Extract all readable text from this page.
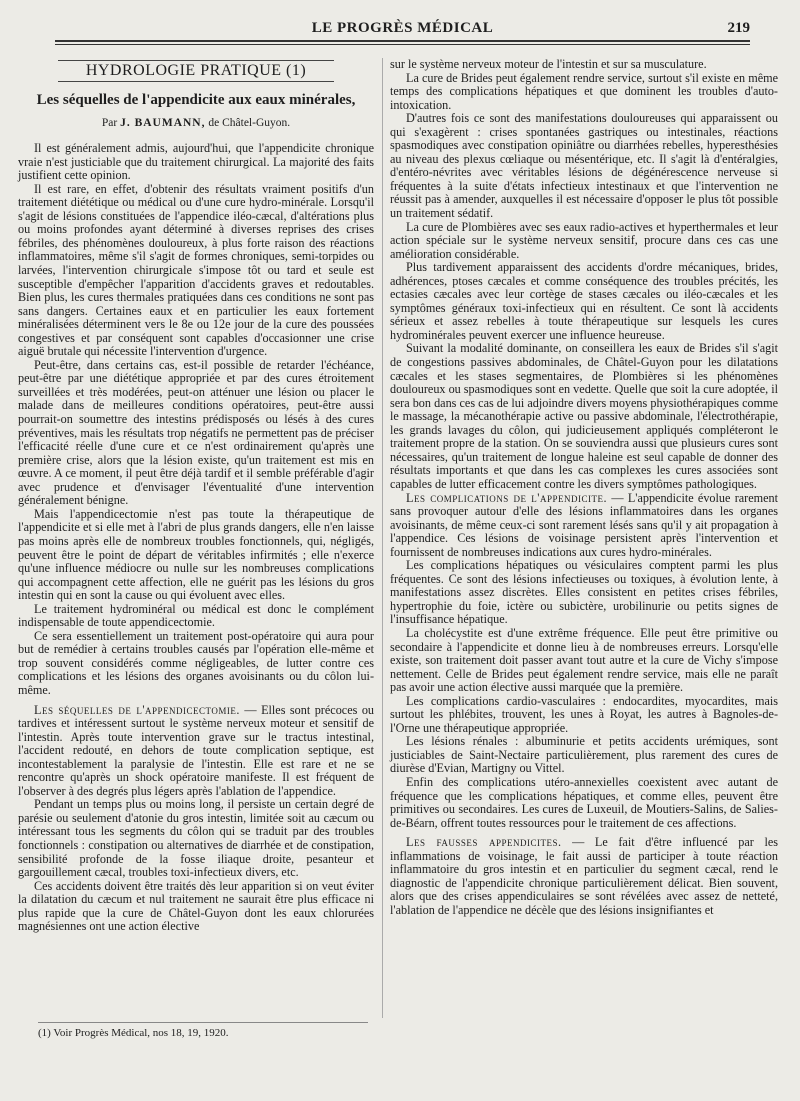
LE PROGRÈS MÉDICAL	219
HYDROLOGIE PRATIQUE (1)
Les séquelles de l'appendicite aux eaux minérales,
Par J. BAUMANN, de Châtel-Guyon.

Il est généralement admis, aujourd'hui, que l'appendicite chronique vraie n'est justiciable que du traitement chirurgical. La majorité des faits justifient cette opinion.

Il est rare, en effet, d'obtenir des résultats vraiment positifs d'un traitement diététique ou médical ou d'une cure hydro-minérale. Lorsqu'il s'agit de lésions constituées de l'appendice iléo-cæcal, d'altérations plus ou moins profondes ayant déterminé à diverses reprises des crises fébriles, des phénomènes douloureux, à plus forte raison des réactions inflammatoires, même s'il s'agit de formes chroniques, semi-torpides ou larvées, l'intervention chirurgicale s'impose tôt ou tard et seule est susceptible d'empêcher l'apparition d'accidents graves et redoutables. Bien plus, les cures thermales pratiquées dans ces conditions ne sont pas sans dangers. Certaines eaux et en particulier les eaux fortement minéralisées déterminent vers le 8e ou 12e jour de la cure des poussées congestives et par conséquent sont capables d'occasionner une crise aiguë brutale qui nécessite l'intervention d'urgence.

Peut-être, dans certains cas, est-il possible de retarder l'échéance, peut-être par une diététique appropriée et par des cures étroitement surveillées et très modérées, peut-on atténuer une lésion ou placer le malade dans de meilleures conditions opératoires, peut-être aussi pourrait-on soumettre des intestins prédisposés ou lésés à des cures préventives, mais les résultats trop négatifs ne permettent pas de préciser l'efficacité réelle d'une cure et ce n'est ordinairement qu'après une première crise, alors que la lésion existe, qu'un traitement est mis en œuvre. A ce moment, il peut être déjà tardif et il semble préférable d'agir avec prudence et d'envisager l'éventualité d'une intervention généralement bénigne.

Mais l'appendicectomie n'est pas toute la thérapeutique de l'appendicite et si elle met à l'abri de plus grands dangers, elle n'en laisse pas moins après elle de nombreux troubles fonctionnels, qui, négligés, peuvent être le point de départ de véritables infirmités ; elle n'exerce qu'une influence médiocre ou nulle sur les nombreuses complications qui accompagnent cette affection, elle ne guérit pas les lésions du gros intestin qui en sont la cause ou qui évoluent avec elles.

Le traitement hydrominéral ou médical est donc le complément indispensable de toute appendicectomie.

Ce sera essentiellement un traitement post-opératoire qui aura pour but de remédier à certains troubles causés par l'opération elle-même et trop souvent considérés comme négligeables, de lutter contre ces complications et les lésions des organes avoisinants ou du côlon lui-même.

Les séquelles de l'appendicectomie. — Elles sont précoces ou tardives et intéressent surtout le système nerveux moteur et sensitif de l'intestin. Après toute intervention grave sur le tractus intestinal, l'accident redouté, en dehors de toute complication septique, est incontestablement la paralysie de l'intestin. Elle est rare et ne se rencontre qu'après un shock opératoire manifeste. Il est fréquent de l'observer à des degrés plus légers après l'ablation de l'appendice.

Pendant un temps plus ou moins long, il persiste un certain degré de parésie ou seulement d'atonie du gros intestin, limitée soit au cæcum ou intéressant tous les segments du côlon qui se traduit par des troubles fonctionnels : constipation ou alternatives de diarrhée et de constipation, sensibilité profonde de la fosse iliaque droite, pesanteur et gargouillement cæcal, troubles toxi-infectieux divers, etc.

Ces accidents doivent être traités dès leur apparition si on veut éviter la dilatation du cæcum et nul traitement ne saurait être plus efficace ni plus rapide que la cure de Châtel-Guyon dont les eaux chlorurées magnésiennes ont une action élective

sur le système nerveux moteur de l'intestin et sur sa musculature.

La cure de Brides peut également rendre service, surtout s'il existe en même temps des complications hépatiques et que dominent les troubles d'auto-intoxication.

D'autres fois ce sont des manifestations douloureuses qui apparaissent ou qui s'exagèrent : crises spontanées gastriques ou intestinales, réactions spasmodiques avec constipation opiniâtre ou diarrhées rebelles, hyperesthésies au niveau des plexus cœliaque ou mésentérique, etc. Il s'agit là d'entéralgies, d'entéro-névrites avec véritables lésions de dégénérescence nerveuse si fréquentes à la suite d'états infectieux intestinaux et que l'intervention ne réussit pas à amender, auxquelles il est nécessaire d'opposer le plus tôt possible un traitement sédatif.

La cure de Plombières avec ses eaux radio-actives et hyperthermales et leur action spéciale sur le système nerveux sensitif, procure dans ces cas une amélioration considérable.

Plus tardivement apparaissent des accidents d'ordre mécaniques, brides, adhérences, ptoses cæcales et comme conséquence des troubles précités, les ectasies cæcales avec leur cortège de stases cæcales ou iléo-cæcales et les symptômes généraux toxi-infectieux qui en résultent. Ce sont là accidents sérieux et assez rebelles à toute thérapeutique sur lesquels les cures hydrominérales peuvent exercer une influence heureuse.

Suivant la modalité dominante, on conseillera les eaux de Brides s'il s'agit de congestions passives abdominales, de Châtel-Guyon pour les dilatations cæcales et les stases segmentaires, de Plombières si les phénomènes douloureux ou spasmodiques sont en vedette. Quelle que soit la cure adoptée, il sera bon dans ces cas de lui adjoindre divers moyens physiothérapiques comme le massage, la mécanothérapie active ou passive abdominale, l'électrothérapie, les grands lavages du côlon, qui judicieusement appliqués compléteront le traitement propre de la station. On se souviendra aussi que plusieurs cures sont nécessaires, qu'un traitement de longue haleine est seul capable de donner des résultats importants et que dans les cas complexes les cures associées sont capables de lutter efficacement contre les divers symptômes pathologiques.

Les complications de l'appendicite. — L'appendicite évolue rarement sans provoquer autour d'elle des lésions inflammatoires dans les organes avoisinants, de même ceux-ci sont rarement lésés sans qu'il y ait propagation à l'appendice. Ces lésions de voisinage persistent après l'intervention et fournissent de nombreuses indications aux cures hydro-minérales.

Les complications hépatiques ou vésiculaires comptent parmi les plus fréquentes. Ce sont des lésions infectieuses ou toxiques, à évolution lente, à manifestations assez discrètes. Elles consistent en petites crises fébriles, hypertrophie du foie, ictère ou subictère, urobilinurie ou petits signes de l'insuffisance hépatique.

La cholécystite est d'une extrême fréquence. Elle peut être primitive ou secondaire à l'appendicite et donne lieu à de nombreuses erreurs. Lorsqu'elle existe, son traitement doit passer avant tout autre et la cure de Vichy s'impose nettement. Celle de Brides peut également rendre service, mais elle ne paraît pas avoir une action élective aussi marquée que la première.

Les complications cardio-vasculaires : endocardites, myocardites, mais surtout les phlébites, trouvent, les unes à Royat, les autres à Bagnoles-de-l'Orne une thérapeutique appropriée.

Les lésions rénales : albuminurie et petits accidents urémiques, sont justiciables de Saint-Nectaire particulièrement, plus rarement des cures de diurèse d'Evian, Martigny ou Vittel.

Enfin des complications utéro-annexielles coexistent avec autant de fréquence que les complications hépatiques, et comme elles, peuvent être primitives ou secondaires. Les cures de Luxeuil, de Moutiers-Salins, de Salies-de-Béarn, offrent toutes ressources pour le traitement de ces affections.

Les fausses appendicites. — Le fait d'être influencé par les inflammations de voisinage, le fait aussi de participer à toute réaction inflammatoire du gros intestin et en particulier du segment cæcal, rend le diagnostic de l'appendicite chronique particulièrement délicat. Bien souvent, alors que des crises appendiculaires se sont révélées avec assez de netteté, l'ablation de l'appendice ne décèle que des lésions insignifiantes et

(1) Voir Progrès Médical, nos 18, 19, 1920.
